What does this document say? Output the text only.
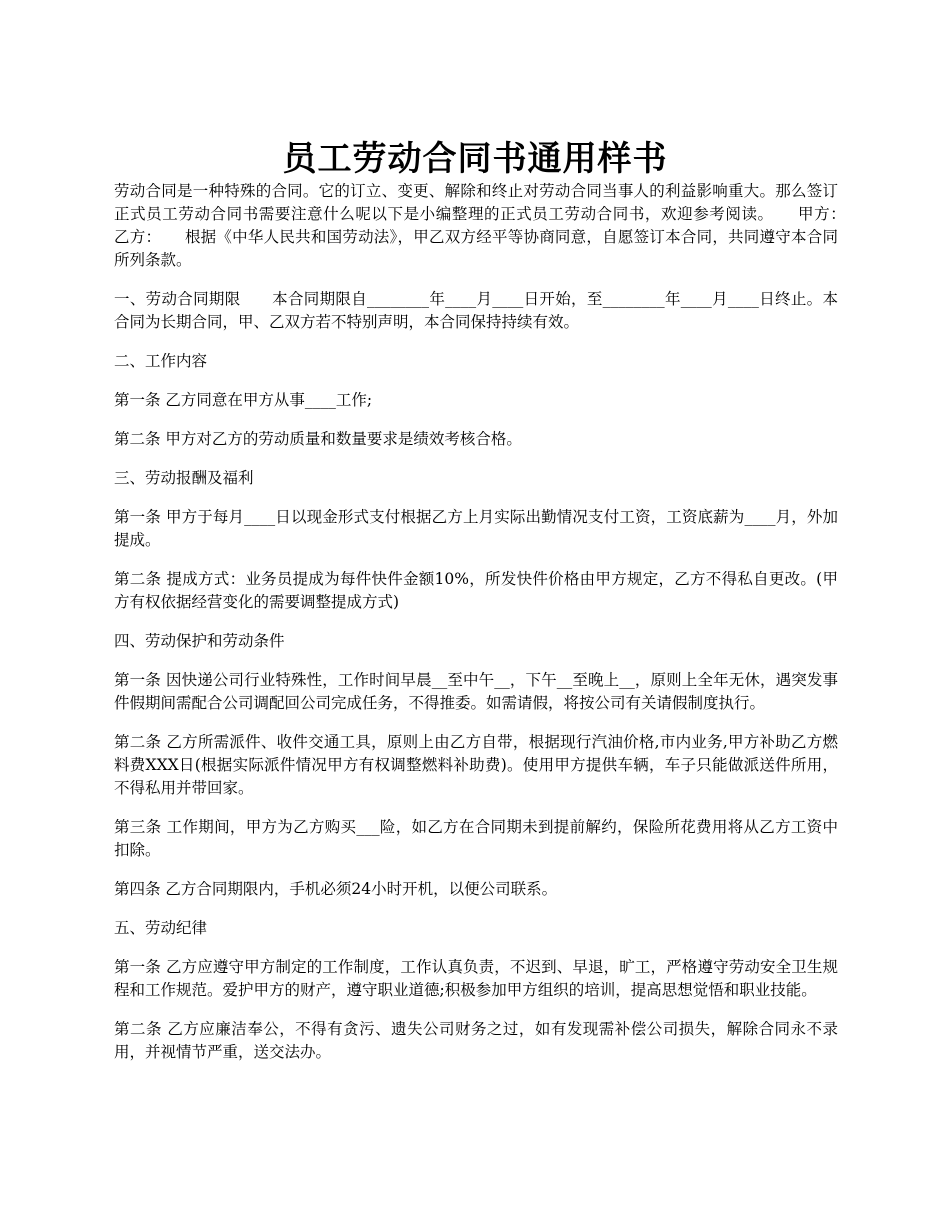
员工劳动合同书通用样书

劳动合同是一种特殊的合同。它的订立、变更、解除和终止对劳动合同当事人的利益影响重大。那么签订正式员工劳动合同书需要注意什么呢以下是小编整理的正式员工劳动合同书，欢迎参考阅读。　　甲方：　　乙方：　　根据《中华人民共和国劳动法》，甲乙双方经平等协商同意，自愿签订本合同，共同遵守本合同所列条款。

一、劳动合同期限　　本合同期限自________年____月____日开始，至________年____月____日终止。本合同为长期合同，甲、乙双方若不特别声明，本合同保持持续有效。

二、工作内容

第一条 乙方同意在甲方从事____工作;

第二条 甲方对乙方的劳动质量和数量要求是绩效考核合格。

三、劳动报酬及福利

第一条 甲方于每月____日以现金形式支付根据乙方上月实际出勤情况支付工资，工资底薪为____月，外加提成。

第二条 提成方式：业务员提成为每件快件金额10%，所发快件价格由甲方规定，乙方不得私自更改。(甲方有权依据经营变化的需要调整提成方式)

四、劳动保护和劳动条件

第一条 因快递公司行业特殊性，工作时间早晨__至中午__，下午__至晚上__，原则上全年无休，遇突发事件假期间需配合公司调配回公司完成任务，不得推委。如需请假，将按公司有关请假制度执行。

第二条 乙方所需派件、收件交通工具，原则上由乙方自带，根据现行汽油价格,市内业务,甲方补助乙方燃料费XXX日(根据实际派件情况甲方有权调整燃料补助费)。使用甲方提供车辆，车子只能做派送件所用，不得私用并带回家。

第三条 工作期间，甲方为乙方购买___险，如乙方在合同期未到提前解约，保险所花费用将从乙方工资中扣除。

第四条 乙方合同期限内，手机必须24小时开机，以便公司联系。

五、劳动纪律

第一条 乙方应遵守甲方制定的工作制度，工作认真负责，不迟到、早退，旷工，严格遵守劳动安全卫生规程和工作规范。爱护甲方的财产，遵守职业道德;积极参加甲方组织的培训，提高思想觉悟和职业技能。

第二条 乙方应廉洁奉公，不得有贪污、遗失公司财务之过，如有发现需补偿公司损失，解除合同永不录用，并视情节严重，送交法办。
